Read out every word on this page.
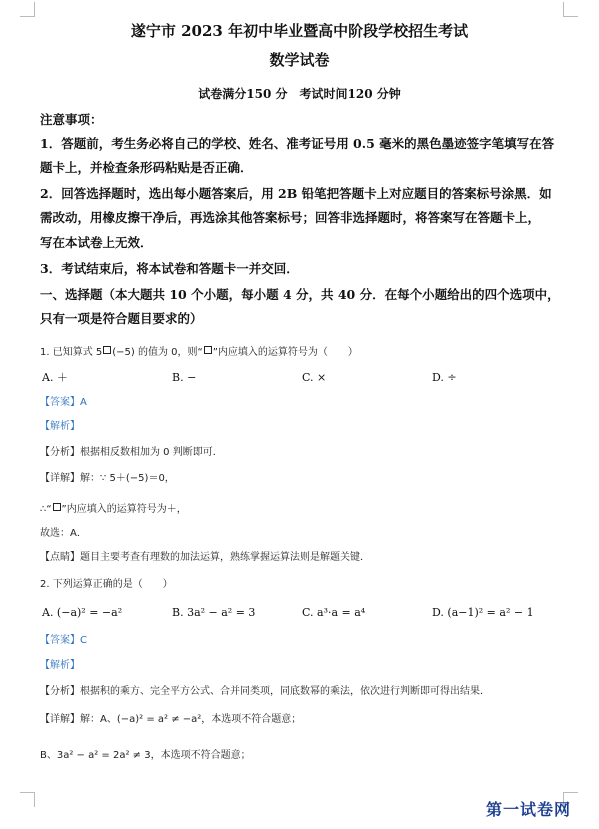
遂宁市 2023 年初中毕业暨高中阶段学校招生考试
数学试卷
试卷满分150 分 考试时间120 分钟
注意事项：
1．答题前，考生务必将自己的学校、姓名、准考证号用 0.5 毫米的黑色墨迹签字笔填写在答
题卡上，并检查条形码粘贴是否正确．
2．回答选择题时，选出每小题答案后，用 2B 铅笔把答题卡上对应题目的答案标号涂黑．如
需改动，用橡皮擦干净后，再选涂其他答案标号；回答非选择题时，将答案写在答题卡上，
写在本试卷上无效．
3．考试结束后，将本试卷和答题卡一并交回．
一、选择题（本大题共 10 个小题，每小题 4 分，共 40 分．在每个小题给出的四个选项中，
只有一项是符合题目要求的）
1. 已知算式 5 (−5) 的值为 0，则“ ”内应填入的运算符号为（　　）
A. ＋	B. −	C. ×	D. ÷
【答案】A
【解析】
【分析】根据相反数相加为 0 判断即可．
【详解】解：∵ 5＋(−5)＝0，
∴“ ”内应填入的运算符号为＋，
故选：A．
【点睛】题目主要考查有理数的加法运算，熟练掌握运算法则是解题关键．
2. 下列运算正确的是（　　）
A. (−a)² = −a²	B. 3a² − a² = 3	C. a³·a = a⁴	D. (a−1)² = a² − 1
【答案】C
【解析】
【分析】根据积的乘方、完全平方公式、合并同类项，同底数幂的乘法，依次进行判断即可得出结果．
【详解】解：A、(−a)² = a² ≠ −a²，本选项不符合题意；
B、3a² − a² = 2a² ≠ 3，本选项不符合题意；
第一试卷网
